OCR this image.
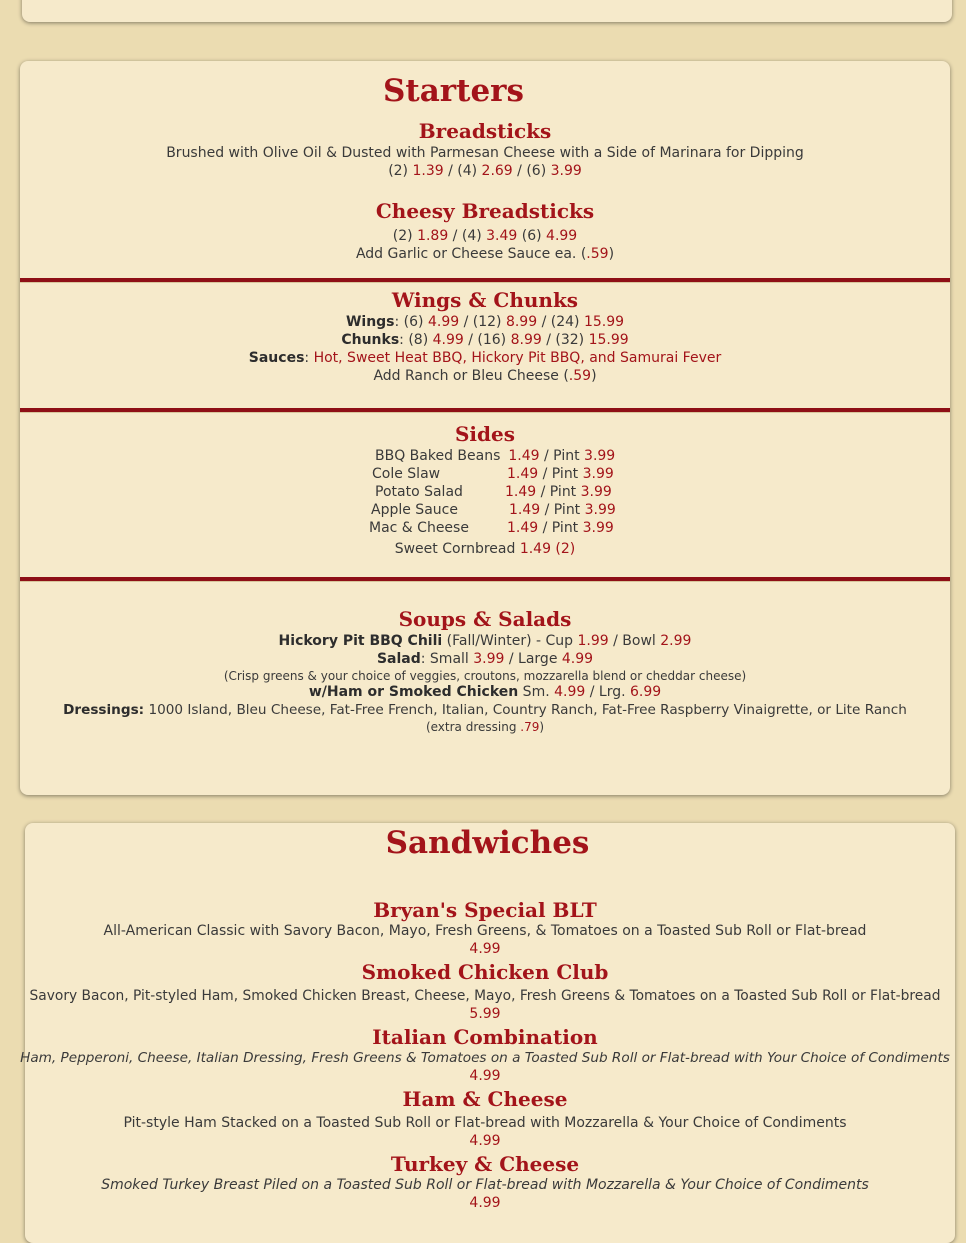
Starters
Breadsticks
Brushed with Olive Oil & Dusted with Parmesan Cheese with a Side of Marinara for Dipping
(2) 1.39 / (4) 2.69 / (6) 3.99
Cheesy Breadsticks
(2) 1.89 / (4) 3.49 (6) 4.99
Add Garlic or Cheese Sauce ea. (.59)
Wings & Chunks
Wings: (6) 4.99 / (12) 8.99 / (24) 15.99
Chunks: (8) 4.99 / (16) 8.99 / (32) 15.99
Sauces: Hot, Sweet Heat BBQ, Hickory Pit BBQ, and Samurai Fever
Add Ranch or Bleu Cheese (.59)
Sides
BBQ Baked Beans 1.49 / Pint 3.99
Cole Slaw	1.49 / Pint 3.99
Potato Salad	1.49 / Pint 3.99
Apple Sauce	1.49 / Pint 3.99
Mac & Cheese	1.49 / Pint 3.99
Sweet Cornbread 1.49 (2)
Soups & Salads
Hickory Pit BBQ Chili (Fall/Winter) - Cup 1.99 / Bowl 2.99
Salad: Small 3.99 / Large 4.99
(Crisp greens & your choice of veggies, croutons, mozzarella blend or cheddar cheese)
w/Ham or Smoked Chicken Sm. 4.99 / Lrg. 6.99
Dressings: 1000 Island, Bleu Cheese, Fat-Free French, Italian, Country Ranch, Fat-Free Raspberry Vinaigrette, or Lite Ranch
(extra dressing .79)
Sandwiches
Bryan's Special BLT
All-American Classic with Savory Bacon, Mayo, Fresh Greens, & Tomatoes on a Toasted Sub Roll or Flat-bread
4.99
Smoked Chicken Club
Savory Bacon, Pit-styled Ham, Smoked Chicken Breast, Cheese, Mayo, Fresh Greens & Tomatoes on a Toasted Sub Roll or Flat-bread
5.99
Italian Combination
Ham, Pepperoni, Cheese, Italian Dressing, Fresh Greens & Tomatoes on a Toasted Sub Roll or Flat-bread with Your Choice of Condiments
4.99
Ham & Cheese
Pit-style Ham Stacked on a Toasted Sub Roll or Flat-bread with Mozzarella & Your Choice of Condiments
4.99
Turkey & Cheese
Smoked Turkey Breast Piled on a Toasted Sub Roll or Flat-bread with Mozzarella & Your Choice of Condiments
4.99
